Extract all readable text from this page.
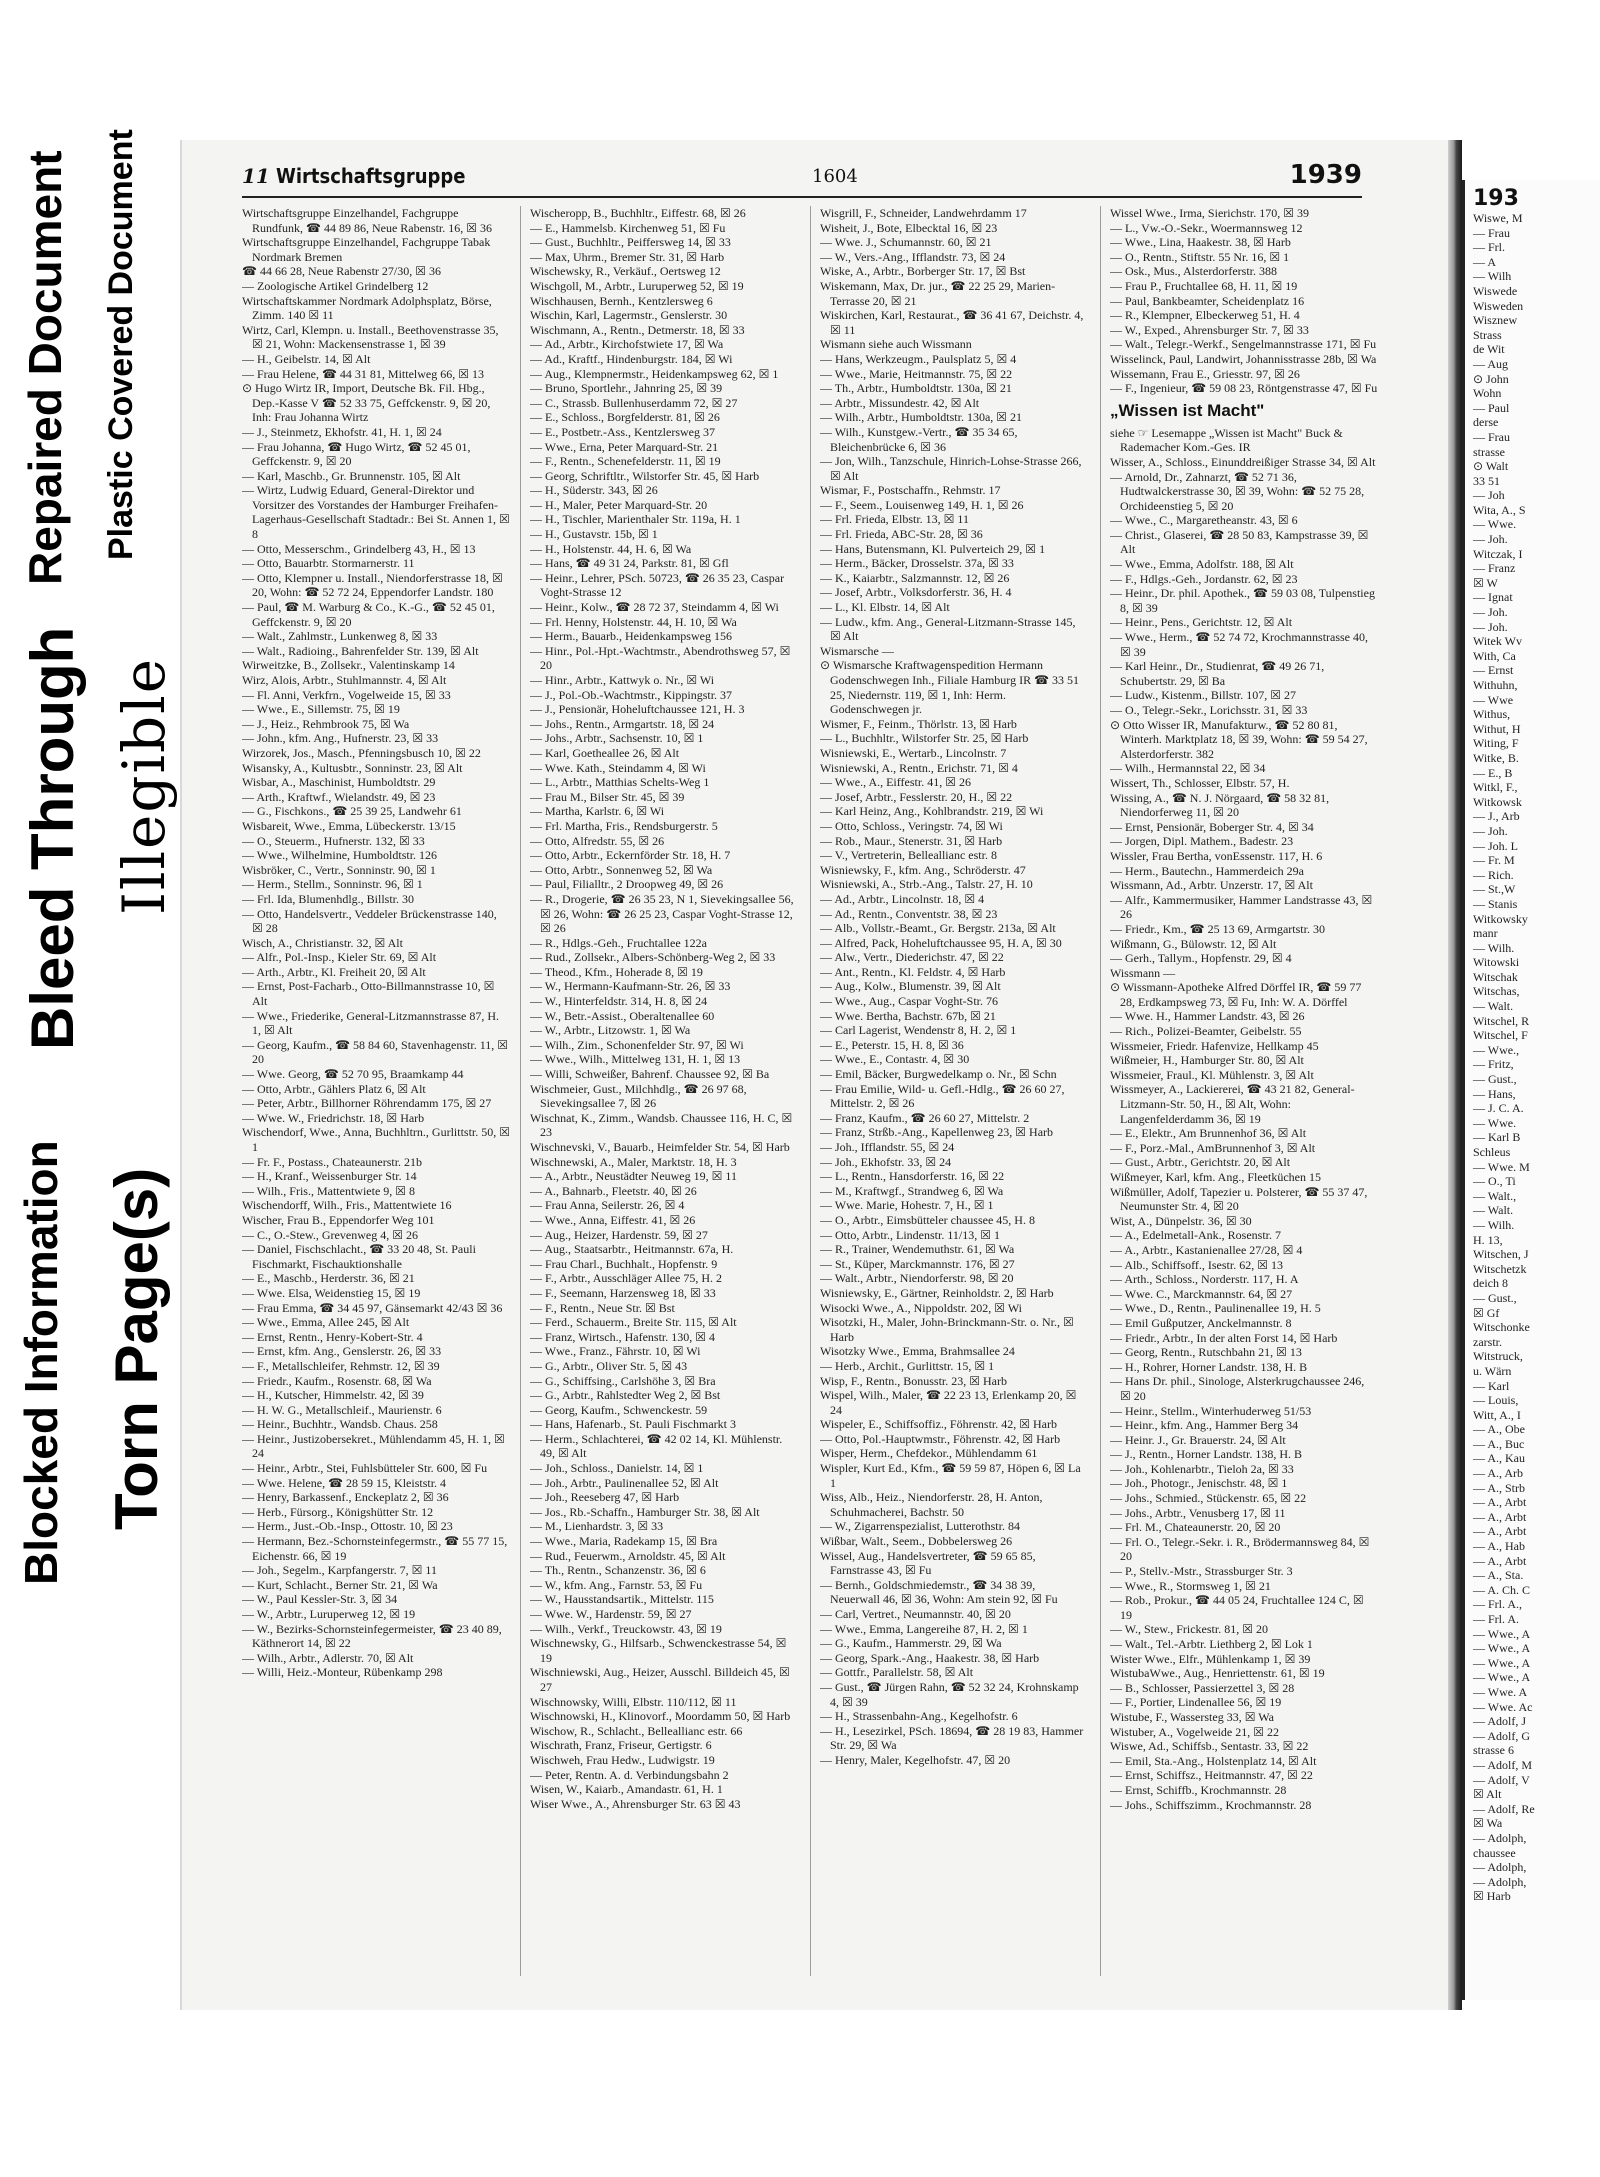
Blocked Information Torn Page(s)
Bleed Through Illegible
Repaired Document Plastic Covered Document	11 Wirtschaftsgruppe	1604	1939

Wirtschaftsgruppe Einzelhandel, Fachgruppe Rundfunk, ☎ 44 89 86, Neue Rabenstr. 16, ☒ 36

Wirtschaftsgruppe Einzelhandel, Fachgruppe Tabak Nordmark Bremen

☎ 44 66 28, Neue Rabenstr 27/30, ☒ 36

— Zoologische Artikel Grindelberg 12

Wirtschaftskammer Nordmark Adolphsplatz, Börse, Zimm. 140 ☒ 11

Wirtz, Carl, Klempn. u. Install., Beethovenstrasse 35, ☒ 21, Wohn: Mackensenstrasse 1, ☒ 39

— H., Geibelstr. 14, ☒ Alt

— Frau Helene, ☎ 44 31 81, Mittelweg 66, ☒ 13

⊙ Hugo Wirtz IR, Import, Deutsche Bk. Fil. Hbg., Dep.-Kasse V ☎ 52 33 75, Geffckenstr. 9, ☒ 20, Inh: Frau Johanna Wirtz

— J., Steinmetz, Ekhofstr. 41, H. 1, ☒ 24

— Frau Johanna, ☎ Hugo Wirtz, ☎ 52 45 01, Geffckenstr. 9, ☒ 20

— Karl, Maschb., Gr. Brunnenstr. 105, ☒ Alt

— Wirtz, Ludwig Eduard, General-Direktor und Vorsitzer des Vorstandes der Hamburger Freihafen-Lagerhaus-Gesellschaft Stadtadr.: Bei St. Annen 1, ☒ 8

— Otto, Messerschm., Grindelberg 43, H., ☒ 13

— Otto, Bauarbtr. Stormarnerstr. 11

— Otto, Klempner u. Install., Niendorferstrasse 18, ☒ 20, Wohn: ☎ 52 72 24, Eppendorfer Landstr. 180

— Paul, ☎ M. Warburg & Co., K.-G., ☎ 52 45 01, Geffckenstr. 9, ☒ 20

— Walt., Zahlmstr., Lunkenweg 8, ☒ 33

— Walt., Radioing., Bahrenfelder Str. 139, ☒ Alt

Wirweitzke, B., Zollsekr., Valentinskamp 14

Wirz, Alois, Arbtr., Stuhlmannstr. 4, ☒ Alt

— Fl. Anni, Verkfrn., Vogelweide 15, ☒ 33

— Wwe., E., Sillemstr. 75, ☒ 19

— J., Heiz., Rehmbrook 75, ☒ Wa

— John., kfm. Ang., Hufnerstr. 23, ☒ 33

Wirzorek, Jos., Masch., Pfenningsbusch 10, ☒ 22

Wisansky, A., Kultusbtr., Sonninstr. 23, ☒ Alt

Wisbar, A., Maschinist, Humboldtstr. 29

— Arth., Kraftwf., Wielandstr. 49, ☒ 23

— G., Fischkons., ☎ 25 39 25, Landwehr 61

Wisbareit, Wwe., Emma, Lübeckerstr. 13/15

— O., Steuerm., Hufnerstr. 132, ☒ 33

— Wwe., Wilhelmine, Humboldtstr. 126

Wisbröker, C., Vertr., Sonninstr. 90, ☒ 1

— Herm., Stellm., Sonninstr. 96, ☒ 1

— Frl. Ida, Blumenhdlg., Billstr. 30

— Otto, Handelsvertr., Veddeler Brückenstrasse 140, ☒ 28

Wisch, A., Christianstr. 32, ☒ Alt

— Alfr., Pol.-Insp., Kieler Str. 69, ☒ Alt

— Arth., Arbtr., Kl. Freiheit 20, ☒ Alt

— Ernst, Post-Facharb., Otto-Billmannstrasse 10, ☒ Alt

— Wwe., Friederike, General-Litzmannstrasse 87, H. 1, ☒ Alt

— Georg, Kaufm., ☎ 58 84 60, Stavenhagenstr. 11, ☒ 20

— Wwe. Georg, ☎ 52 70 95, Braamkamp 44

— Otto, Arbtr., Gählers Platz 6, ☒ Alt

— Peter, Arbtr., Billhorner Röhrendamm 175, ☒ 27

— Wwe. W., Friedrichstr. 18, ☒ Harb

Wischendorf, Wwe., Anna, Buchhltrn., Gurlittstr. 50, ☒ 1

— Fr. F., Postass., Chateaunerstr. 21b

— H., Kranf., Weissenburger Str. 14

— Wilh., Fris., Mattentwiete 9, ☒ 8

Wischendorff, Wilh., Fris., Mattentwiete 16

Wischer, Frau B., Eppendorfer Weg 101

— C., O.-Stew., Grevenweg 4, ☒ 26

— Daniel, Fischschlacht., ☎ 33 20 48, St. Pauli Fischmarkt, Fischauktionshalle

— E., Maschb., Herderstr. 36, ☒ 21

— Wwe. Elsa, Weidenstieg 15, ☒ 19

— Frau Emma, ☎ 34 45 97, Gänsemarkt 42/43 ☒ 36

— Wwe., Emma, Allee 245, ☒ Alt

— Ernst, Rentn., Henry-Kobert-Str. 4

— Ernst, kfm. Ang., Genslerstr. 26, ☒ 33

— F., Metallschleifer, Rehmstr. 12, ☒ 39

— Friedr., Kaufm., Rosenstr. 68, ☒ Wa

— H., Kutscher, Himmelstr. 42, ☒ 39

— H. W. G., Metallschleif., Maurienstr. 6

— Heinr., Buchhtr., Wandsb. Chaus. 258

— Heinr., Justizobersekret., Mühlendamm 45, H. 1, ☒ 24

— Heinr., Arbtr., Stei, Fuhlsbütteler Str. 600, ☒ Fu

— Wwe. Helene, ☎ 28 59 15, Kleiststr. 4

— Henry, Barkassenf., Enckeplatz 2, ☒ 36

— Herb., Fürsorg., Königshütter Str. 12

— Herm., Just.-Ob.-Insp., Ottostr. 10, ☒ 23

— Hermann, Bez.-Schornsteinfegermstr., ☎ 55 77 15, Eichenstr. 66, ☒ 19

— Joh., Segelm., Karpfangerstr. 7, ☒ 11

— Kurt, Schlacht., Berner Str. 21, ☒ Wa

— W., Paul Kessler-Str. 3, ☒ 34

— W., Arbtr., Luruperweg 12, ☒ 19

— W., Bezirks-Schornsteinfegermeister, ☎ 23 40 89, Käthnerort 14, ☒ 22

— Wilh., Arbtr., Adlerstr. 70, ☒ Alt

— Willi, Heiz.-Monteur, Rübenkamp 298

Wischeropp, B., Buchhltr., Eiffestr. 68, ☒ 26

— E., Hammelsb. Kirchenweg 51, ☒ Fu

— Gust., Buchhltr., Peiffersweg 14, ☒ 33

— Max, Uhrm., Bremer Str. 31, ☒ Harb

Wischewsky, R., Verkäuf., Oertsweg 12

Wischgoll, M., Arbtr., Luruperweg 52, ☒ 19

Wischhausen, Bernh., Kentzlersweg 6

Wischin, Karl, Lagermstr., Genslerstr. 30

Wischmann, A., Rentn., Detmerstr. 18, ☒ 33

— Ad., Arbtr., Kirchofstwiete 17, ☒ Wa

— Ad., Kraftf., Hindenburgstr. 184, ☒ Wi

— Aug., Klempnermstr., Heidenkampsweg 62, ☒ 1

— Bruno, Sportlehr., Jahnring 25, ☒ 39

— C., Strassb. Bullenhuserdamm 72, ☒ 27

— E., Schloss., Borgfelderstr. 81, ☒ 26

— E., Postbetr.-Ass., Kentzlersweg 37

— Wwe., Erna, Peter Marquard-Str. 21

— F., Rentn., Schenefelderstr. 11, ☒ 19

— Georg, Schriftltr., Wilstorfer Str. 45, ☒ Harb

— H., Süderstr. 343, ☒ 26

— H., Maler, Peter Marquard-Str. 20

— H., Tischler, Marienthaler Str. 119a, H. 1

— H., Gustavstr. 15b, ☒ 1

— H., Holstenstr. 44, H. 6, ☒ Wa

— Hans, ☎ 49 31 24, Parkstr. 81, ☒ Gfl

— Heinr., Lehrer, PSch. 50723, ☎ 26 35 23, Caspar Voght-Strasse 12

— Heinr., Kolw., ☎ 28 72 37, Steindamm 4, ☒ Wi

— Frl. Henny, Holstenstr. 44, H. 10, ☒ Wa

— Herm., Bauarb., Heidenkampsweg 156

— Hinr., Pol.-Hpt.-Wachtmstr., Abendrothsweg 57, ☒ 20

— Hinr., Arbtr., Kattwyk o. Nr., ☒ Wi

— J., Pol.-Ob.-Wachtmstr., Kippingstr. 37

— J., Pensionär, Hoheluftchaussee 121, H. 3

— Johs., Rentn., Armgartstr. 18, ☒ 24

— Johs., Arbtr., Sachsenstr. 10, ☒ 1

— Karl, Goetheallee 26, ☒ Alt

— Wwe. Kath., Steindamm 4, ☒ Wi

— L., Arbtr., Matthias Schelts-Weg 1

— Frau M., Bilser Str. 45, ☒ 39

— Martha, Karlstr. 6, ☒ Wi

— Frl. Martha, Fris., Rendsburgerstr. 5

— Otto, Alfredstr. 55, ☒ 26

— Otto, Arbtr., Eckernförder Str. 18, H. 7

— Otto, Arbtr., Sonnenweg 52, ☒ Wa

— Paul, Filialltr., 2 Droopweg 49, ☒ 26

— R., Drogerie, ☎ 26 35 23, N 1, Sievekingsallee 56, ☒ 26, Wohn: ☎ 26 25 23, Caspar Voght-Strasse 12, ☒ 26

— R., Hdlgs.-Geh., Fruchtallee 122a

— Rud., Zollsekr., Albers-Schönberg-Weg 2, ☒ 33

— Theod., Kfm., Hoherade 8, ☒ 19

— W., Hermann-Kaufmann-Str. 26, ☒ 33

— W., Hinterfeldstr. 314, H. 8, ☒ 24

— W., Betr.-Assist., Oberaltenallee 60

— W., Arbtr., Litzowstr. 1, ☒ Wa

— Wilh., Zim., Schonenfelder Str. 97, ☒ Wi

— Wwe., Wilh., Mittelweg 131, H. 1, ☒ 13

— Willi, Schweißer, Bahrenf. Chaussee 92, ☒ Ba

Wischmeier, Gust., Milchhdlg., ☎ 26 97 68, Sievekingsallee 7, ☒ 26

Wischnat, K., Zimm., Wandsb. Chaussee 116, H. C, ☒ 23

Wischnevski, V., Bauarb., Heimfelder Str. 54, ☒ Harb

Wischnewski, A., Maler, Marktstr. 18, H. 3

— A., Arbtr., Neustädter Neuweg 19, ☒ 11

— A., Bahnarb., Fleetstr. 40, ☒ 26

— Frau Anna, Seilerstr. 26, ☒ 4

— Wwe., Anna, Eiffestr. 41, ☒ 26

— Aug., Heizer, Hardenstr. 59, ☒ 27

— Aug., Staatsarbtr., Heitmannstr. 67a, H.

— Frau Charl., Buchhalt., Hopfenstr. 9

— F., Arbtr., Ausschläger Allee 75, H. 2

— F., Seemann, Harzensweg 18, ☒ 33

— F., Rentn., Neue Str. ☒ Bst

— Ferd., Schauerm., Breite Str. 115, ☒ Alt

— Franz, Wirtsch., Hafenstr. 130, ☒ 4

— Wwe., Franz., Fährstr. 10, ☒ Wi

— G., Arbtr., Oliver Str. 5, ☒ 43

— G., Schiffsing., Carlshöhe 3, ☒ Bra

— G., Arbtr., Rahlstedter Weg 2, ☒ Bst

— Georg, Kaufm., Schwenckestr. 59

— Hans, Hafenarb., St. Pauli Fischmarkt 3

— Herm., Schlachterei, ☎ 42 02 14, Kl. Mühlenstr. 49, ☒ Alt

— Joh., Schloss., Danielstr. 14, ☒ 1

— Joh., Arbtr., Paulinenallee 52, ☒ Alt

— Joh., Reeseberg 47, ☒ Harb

— Jos., Rb.-Schaffn., Hamburger Str. 38, ☒ Alt

— M., Lienhardstr. 3, ☒ 33

— Wwe., Maria, Radekamp 15, ☒ Bra

— Rud., Feuerwm., Arnoldstr. 45, ☒ Alt

— Th., Rentn., Schanzenstr. 36, ☒ 6

— W., kfm. Ang., Farnstr. 53, ☒ Fu

— W., Hausstandsartik., Mittelstr. 115

— Wwe. W., Hardenstr. 59, ☒ 27

— Wilh., Verkf., Treuckowstr. 43, ☒ 19

Wischnewsky, G., Hilfsarb., Schwenckestrasse 54, ☒ 19

Wischniewski, Aug., Heizer, Ausschl. Billdeich 45, ☒ 27

Wischnowsky, Willi, Elbstr. 110/112, ☒ 11

Wischnowski, H., Klinovorf., Moordamm 50, ☒ Harb

Wischow, R., Schlacht., Belleallianc estr. 66

Wischrath, Franz, Friseur, Gertigstr. 6

Wischweh, Frau Hedw., Ludwigstr. 19

— Peter, Rentn. A. d. Verbindungsbahn 2

Wisen, W., Kaiarb., Amandastr. 61, H. 1

Wiser Wwe., A., Ahrensburger Str. 63 ☒ 43

Wisgrill, F., Schneider, Landwehrdamm 17

Wisheit, J., Bote, Elbecktal 16, ☒ 23

— Wwe. J., Schumannstr. 60, ☒ 21

— W., Vers.-Ang., Ifflandstr. 73, ☒ 24

Wiske, A., Arbtr., Borberger Str. 17, ☒ Bst

Wiskemann, Max, Dr. jur., ☎ 22 25 29, Marien-Terrasse 20, ☒ 21

Wiskirchen, Karl, Restaurat., ☎ 36 41 67, Deichstr. 4, ☒ 11

Wismann siehe auch Wissmann

— Hans, Werkzeugm., Paulsplatz 5, ☒ 4

— Wwe., Marie, Heitmannstr. 75, ☒ 22

— Th., Arbtr., Humboldtstr. 130a, ☒ 21

— Arbtr., Missundestr. 42, ☒ Alt

— Wilh., Arbtr., Humboldtstr. 130a, ☒ 21

— Wilh., Kunstgew.-Vertr., ☎ 35 34 65, Bleichenbrücke 6, ☒ 36

— Jon, Wilh., Tanzschule, Hinrich-Lohse-Strasse 266, ☒ Alt

Wismar, F., Postschaffn., Rehmstr. 17

— F., Seem., Louisenweg 149, H. 1, ☒ 26

— Frl. Frieda, Elbstr. 13, ☒ 11

— Frl. Frieda, ABC-Str. 28, ☒ 36

— Hans, Butensmann, Kl. Pulverteich 29, ☒ 1

— Herm., Bäcker, Drosselstr. 37a, ☒ 33

— K., Kaiarbtr., Salzmannstr. 12, ☒ 26

— Josef, Arbtr., Volksdorferstr. 36, H. 4

— L., Kl. Elbstr. 14, ☒ Alt

— Ludw., kfm. Ang., General-Litzmann-Strasse 145, ☒ Alt

Wismarsche —

⊙ Wismarsche Kraftwagenspedition Hermann Godenschwegen Inh., Filiale Hamburg IR ☎ 33 51 25, Niedernstr. 119, ☒ 1, Inh: Herm. Godenschwegen jr.

Wismer, F., Feinm., Thörlstr. 13, ☒ Harb

— L., Buchhltr., Wilstorfer Str. 25, ☒ Harb

Wisniewski, E., Wertarb., Lincolnstr. 7

Wisniewski, A., Rentn., Erichstr. 71, ☒ 4

— Wwe., A., Eiffestr. 41, ☒ 26

— Josef, Arbtr., Fesslerstr. 20, H., ☒ 22

— Karl Heinz, Ang., Kohlbrandstr. 219, ☒ Wi

— Otto, Schloss., Veringstr. 74, ☒ Wi

— Rob., Maur., Stenerstr. 31, ☒ Harb

— V., Vertreterin, Belleallianc estr. 8

Wisniewsky, F., kfm. Ang., Schröderstr. 47

Wisniewski, A., Strb.-Ang., Talstr. 27, H. 10

— Ad., Arbtr., Lincolnstr. 18, ☒ 4

— Ad., Rentn., Conventstr. 38, ☒ 23

— Alb., Vollstr.-Beamt., Gr. Bergstr. 213a, ☒ Alt

— Alfred, Pack, Hoheluftchaussee 95, H. A, ☒ 30

— Alw., Vertr., Diederichstr. 47, ☒ 22

— Ant., Rentn., Kl. Feldstr. 4, ☒ Harb

— Aug., Kolw., Blumenstr. 39, ☒ Alt

— Wwe., Aug., Caspar Voght-Str. 76

— Wwe. Bertha, Bachstr. 67b, ☒ 21

— Carl Lagerist, Wendenstr 8, H. 2, ☒ 1

— E., Peterstr. 15, H. 8, ☒ 36

— Wwe., E., Contastr. 4, ☒ 30

— Emil, Bäcker, Burgwedelkamp o. Nr., ☒ Schn

— Frau Emilie, Wild- u. Gefl.-Hdlg., ☎ 26 60 27, Mittelstr. 2, ☒ 26

— Franz, Kaufm., ☎ 26 60 27, Mittelstr. 2

— Franz, Strßb.-Ang., Kapellenweg 23, ☒ Harb

— Joh., Ifflandstr. 55, ☒ 24

— Joh., Ekhofstr. 33, ☒ 24

— L., Rentn., Hansdorferstr. 16, ☒ 22

— M., Kraftwgf., Strandweg 6, ☒ Wa

— Wwe. Marie, Hohestr. 7, H., ☒ 1

— O., Arbtr., Eimsbütteler chaussee 45, H. 8

— Otto, Arbtr., Lindenstr. 11/13, ☒ 1

— R., Trainer, Wendemuthstr. 61, ☒ Wa

— St., Küper, Marckmannstr. 176, ☒ 27

— Walt., Arbtr., Niendorferstr. 98, ☒ 20

Wisniewsky, E., Gärtner, Reinholdstr. 2, ☒ Harb

Wisocki Wwe., A., Nippoldstr. 202, ☒ Wi

Wisotzki, H., Maler, John-Brinckmann-Str. o. Nr., ☒ Harb

Wisotzky Wwe., Emma, Brahmsallee 24

— Herb., Archit., Gurlittstr. 15, ☒ 1

Wisp, F., Rentn., Bonusstr. 23, ☒ Harb

Wispel, Wilh., Maler, ☎ 22 23 13, Erlenkamp 20, ☒ 24

Wispeler, E., Schiffsoffiz., Föhrenstr. 42, ☒ Harb

— Otto, Pol.-Hauptwmstr., Föhrenstr. 42, ☒ Harb

Wisper, Herm., Chefdekor., Mühlendamm 61

Wispler, Kurt Ed., Kfm., ☎ 59 59 87, Höpen 6, ☒ La 1

Wiss, Alb., Heiz., Niendorferstr. 28, H. Anton, Schuhmacherei, Bachstr. 50

— W., Zigarrenspezialist, Lutterothstr. 84

Wißbar, Walt., Seem., Dobbelersweg 26

Wissel, Aug., Handelsvertreter, ☎ 59 65 85, Farnstrasse 43, ☒ Fu

— Bernh., Goldschmiedemstr., ☎ 34 38 39, Neuerwall 46, ☒ 36, Wohn: Am stein 92, ☒ Fu

— Carl, Vertret., Neumannstr. 40, ☒ 20

— Wwe., Emma, Langereihe 87, H. 2, ☒ 1

— G., Kaufm., Hammerstr. 29, ☒ Wa

— Georg, Spark.-Ang., Haakestr. 38, ☒ Harb

— Gottfr., Parallelstr. 58, ☒ Alt

— Gust., ☎ Jürgen Rahn, ☎ 52 32 24, Krohnskamp 4, ☒ 39

— H., Strassenbahn-Ang., Kegelhofstr. 6

— H., Lesezirkel, PSch. 18694, ☎ 28 19 83, Hammer Str. 29, ☒ Wa

— Henry, Maler, Kegelhofstr. 47, ☒ 20

Wissel Wwe., Irma, Sierichstr. 170, ☒ 39

— L., Vw.-O.-Sekr., Woermannsweg 12

— Wwe., Lina, Haakestr. 38, ☒ Harb

— O., Rentn., Stiftstr. 55 Nr. 16, ☒ 1

— Osk., Mus., Alsterdorferstr. 388

— Frau P., Fruchtallee 68, H. 11, ☒ 19

— Paul, Bankbeamter, Scheidenplatz 16

— R., Klempner, Elbeckerweg 51, H. 4

— W., Exped., Ahrensburger Str. 7, ☒ 33

— Walt., Telegr.-Werkf., Sengelmannstrasse 171, ☒ Fu

Wisselinck, Paul, Landwirt, Johannisstrasse 28b, ☒ Wa

Wissemann, Frau E., Griesstr. 97, ☒ 26

— F., Ingenieur, ☎ 59 08 23, Röntgenstrasse 47, ☒ Fu

„Wissen ist Macht"

siehe ☞ Lesemappe „Wissen ist Macht" Buck & Rademacher Kom.-Ges. IR

Wisser, A., Schloss., Einunddreißiger Strasse 34, ☒ Alt

— Arnold, Dr., Zahnarzt, ☎ 52 71 36, Hudtwalckerstrasse 30, ☒ 39, Wohn: ☎ 52 75 28, Orchideenstieg 5, ☒ 20

— Wwe., C., Margaretheanstr. 43, ☒ 6

— Christ., Glaserei, ☎ 28 50 83, Kampstrasse 39, ☒ Alt

— Wwe., Emma, Adolfstr. 188, ☒ Alt

— F., Hdlgs.-Geh., Jordanstr. 62, ☒ 23

— Heinr., Dr. phil. Apothek., ☎ 59 03 08, Tulpenstieg 8, ☒ 39

— Heinr., Pens., Gerichtstr. 12, ☒ Alt

— Wwe., Herm., ☎ 52 74 72, Krochmannstrasse 40, ☒ 39

— Karl Heinr., Dr., Studienrat, ☎ 49 26 71, Schubertstr. 29, ☒ Ba

— Ludw., Kistenm., Billstr. 107, ☒ 27

— O., Telegr.-Sekr., Lorichsstr. 31, ☒ 33

⊙ Otto Wisser IR, Manufakturw., ☎ 52 80 81, Winterh. Marktplatz 18, ☒ 39, Wohn: ☎ 59 54 27, Alsterdorferstr. 382

— Wilh., Hermannstal 22, ☒ 34

Wissert, Th., Schlosser, Elbstr. 57, H.

Wissing, A., ☎ N. J. Nörgaard, ☎ 58 32 81, Niendorferweg 11, ☒ 20

— Ernst, Pensionär, Boberger Str. 4, ☒ 34

— Jorgen, Dipl. Mathem., Badestr. 23

Wissler, Frau Bertha, vonEssenstr. 117, H. 6

— Herm., Bautechn., Hammerdeich 29a

Wissmann, Ad., Arbtr. Unzerstr. 17, ☒ Alt

— Alfr., Kammermusiker, Hammer Landstrasse 43, ☒ 26

— Friedr., Km., ☎ 25 13 69, Armgartstr. 30

Wißmann, G., Bülowstr. 12, ☒ Alt

— Gerh., Tallym., Hopfenstr. 29, ☒ 4

Wissmann —

⊙ Wissmann-Apotheke Alfred Dörffel IR, ☎ 59 77 28, Erdkampsweg 73, ☒ Fu, Inh: W. A. Dörffel

— Wwe. H., Hammer Landstr. 43, ☒ 26

— Rich., Polizei-Beamter, Geibelstr. 55

Wissmeier, Friedr. Hafenvize, Hellkamp 45

Wißmeier, H., Hamburger Str. 80, ☒ Alt

Wissmeier, Fraul., Kl. Mühlenstr. 3, ☒ Alt

Wissmeyer, A., Lackiererei, ☎ 43 21 82, General-Litzmann-Str. 50, H., ☒ Alt, Wohn: Langenfelderdamm 36, ☒ 19

— E., Elektr., Am Brunnenhof 36, ☒ Alt

— F., Porz.-Mal., AmBrunnenhof 3, ☒ Alt

— Gust., Arbtr., Gerichtstr. 20, ☒ Alt

Wißmeyer, Karl, kfm. Ang., Fleetküchen 15

Wißmüller, Adolf, Tapezier u. Polsterer, ☎ 55 37 47, Neumunster Str. 4, ☒ 20

Wist, A., Dünpelstr. 36, ☒ 30

— A., Edelmetall-Ank., Rosenstr. 7

— A., Arbtr., Kastanienallee 27/28, ☒ 4

— Alb., Schiffsoff., Isestr. 62, ☒ 13

— Arth., Schloss., Norderstr. 117, H. A

— Wwe. C., Marckmannstr. 64, ☒ 27

— Wwe., D., Rentn., Paulinenallee 19, H. 5

— Emil Gußputzer, Anckelmannstr. 8

— Friedr., Arbtr., In der alten Forst 14, ☒ Harb

— Georg, Rentn., Rutschbahn 21, ☒ 13

— H., Rohrer, Horner Landstr. 138, H. B

— Hans Dr. phil., Sinologe, Alsterkrugchaussee 246, ☒ 20

— Heinr., Stellm., Winterhuderweg 51/53

— Heinr., kfm. Ang., Hammer Berg 34

— Heinr. J., Gr. Brauerstr. 24, ☒ Alt

— J., Rentn., Horner Landstr. 138, H. B

— Joh., Kohlenarbtr., Tieloh 2a, ☒ 33

— Joh., Photogr., Jenischstr. 48, ☒ 1

— Johs., Schmied., Stückenstr. 65, ☒ 22

— Johs., Arbtr., Venusberg 17, ☒ 11

— Frl. M., Chateaunerstr. 20, ☒ 20

— Frl. O., Telegr.-Sekr. i. R., Brödermannsweg 84, ☒ 20

— P., Stellv.-Mstr., Strassburger Str. 3

— Wwe., R., Stormsweg 1, ☒ 21

— Rob., Prokur., ☎ 44 05 24, Fruchtallee 124 C, ☒ 19

— W., Stew., Frickestr. 81, ☒ 20

— Walt., Tel.-Arbtr. Liethberg 2, ☒ Lok 1

Wister Wwe., Elfr., Mühlenkamp 1, ☒ 39

WistubaWwe., Aug., Henriettenstr. 61, ☒ 19

— B., Schlosser, Passierzettel 3, ☒ 28

— F., Portier, Lindenallee 56, ☒ 19

Wistube, F., Wassersteg 33, ☒ Wa

Wistuber, A., Vogelweide 21, ☒ 22

Wiswe, Ad., Schiffsb., Sentastr. 33, ☒ 22

— Emil, Sta.-Ang., Holstenplatz 14, ☒ Alt

— Ernst, Schiffsz., Heitmannstr. 47, ☒ 22

— Ernst, Schiffb., Krochmannstr. 28

— Johs., Schiffszimm., Krochmannstr. 28

193
Wiswe, M
— Frau
— Frl.
— A
— Wilh
Wiswede
Wisweden
Wisznew
Strass
de Wit
— Aug
⊙ John
Wohn
— Paul
derse
— Frau
strasse
⊙ Walt
33 51
— Joh
Wita, A., S
— Wwe.
— Joh.
Witczak, I
— Franz
☒ W
— Ignat
— Joh.
— Joh.
Witek Wv
With, Ca
— Ernst
Withuhn,
— Wwe
Withus,
Withut, H
Witing, F
Witke, B.
— E., B
Witkl, F.,
Witkowsk
— J., Arb
— Joh.
— Joh. L
— Fr. M
— Rich.
— St.,W
— Stanis
Witkowsky
manr
— Wilh.
Witowski
Witschak
Witschas,
— Walt.
Witschel, R
Witschel, F
— Wwe.,
— Fritz,
— Gust.,
— Hans,
— J. C. A.
— Wwe.
— Karl B
Schleus
— Wwe. M
— O., Ti
— Walt.,
— Walt.
— Wilh.
H. 13,
Witschen, J
Witschetzk
deich 8
— Gust.,
☒ Gf
Witschonke
zarstr.
Witstruck,
u. Wärn
— Karl
— Louis,
Witt, A., I
— A., Obe
— A., Buc
— A., Kau
— A., Arb
— A., Strb
— A., Arbt
— A., Arbt
— A., Arbt
— A., Hab
— A., Arbt
— A., Sta.
— A. Ch. C
— Frl. A.,
— Frl. A.
— Wwe., A
— Wwe., A
— Wwe., A
— Wwe., A
— Wwe. A
— Wwe. Ac
— Adolf, J
— Adolf, G
strasse 6
— Adolf, M
— Adolf, V
☒ Alt
— Adolf, Re
☒ Wa
— Adolph,
chaussee
— Adolph,
— Adolph,
☒ Harb
